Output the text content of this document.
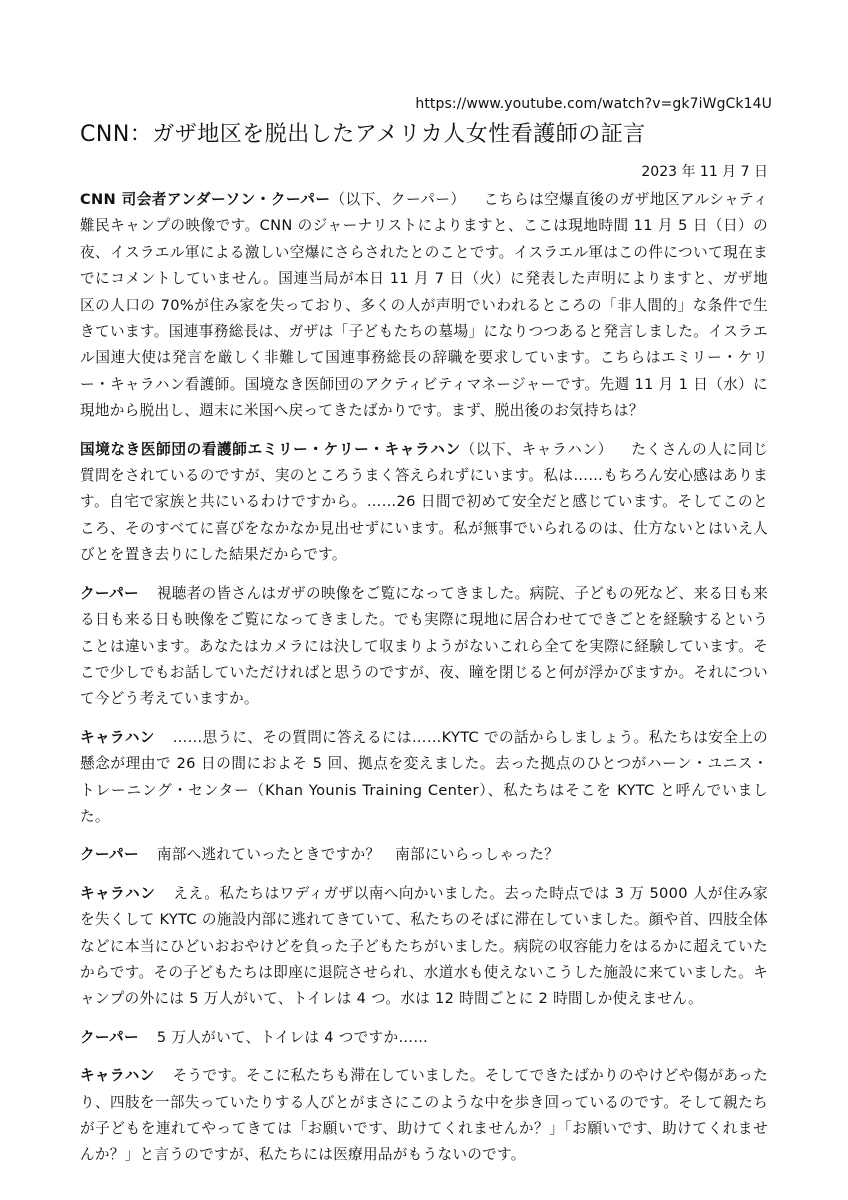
https://www.youtube.com/watch?v=gk7iWgCk14U
CNN：ガザ地区を脱出したアメリカ人女性看護師の証言
2023 年 11 月 7 日

CNN 司会者アンダーソン・クーパー（以下、クーパー） こちらは空爆直後のガザ地区アルシャティ難民キャンプの映像です。CNN のジャーナリストによりますと、ここは現地時間 11 月 5 日（日）の夜、イスラエル軍による激しい空爆にさらされたとのことです。イスラエル軍はこの件について現在までにコメントしていません。国連当局が本日 11 月 7 日（火）に発表した声明によりますと、ガザ地区の人口の 70%が住み家を失っており、多くの人が声明でいわれるところの「非人間的」な条件で生きています。国連事務総長は、ガザは「子どもたちの墓場」になりつつあると発言しました。イスラエル国連大使は発言を厳しく非難して国連事務総長の辞職を要求しています。こちらはエミリー・ケリー・キャラハン看護師。国境なき医師団のアクティビティマネージャーです。先週 11 月 1 日（水）に現地から脱出し、週末に米国へ戻ってきたばかりです。まず、脱出後のお気持ちは？

国境なき医師団の看護師エミリー・ケリー・キャラハン（以下、キャラハン） たくさんの人に同じ質問をされているのですが、実のところうまく答えられずにいます。私は……もちろん安心感はあります。自宅で家族と共にいるわけですから。……26 日間で初めて安全だと感じています。そしてこのところ、そのすべてに喜びをなかなか見出せずにいます。私が無事でいられるのは、仕方ないとはいえ人びとを置き去りにした結果だからです。

クーパー 視聴者の皆さんはガザの映像をご覧になってきました。病院、子どもの死など、来る日も来る日も来る日も映像をご覧になってきました。でも実際に現地に居合わせてできごとを経験するということは違います。あなたはカメラには決して収まりようがないこれら全てを実際に経験しています。そこで少しでもお話していただければと思うのですが、夜、瞳を閉じると何が浮かびますか。それについて今どう考えていますか。

キャラハン ……思うに、その質問に答えるには……KYTC での話からしましょう。私たちは安全上の懸念が理由で 26 日の間におよそ 5 回、拠点を変えました。去った拠点のひとつがハーン・ユニス・トレーニング・センター（Khan Younis Training Center）、私たちはそこを KYTC と呼んでいました。

クーパー 南部へ逃れていったときですか？　南部にいらっしゃった？

キャラハン ええ。私たちはワディガザ以南へ向かいました。去った時点では 3 万 5000 人が住み家を失くして KYTC の施設内部に逃れてきていて、私たちのそばに滞在していました。顔や首、四肢全体などに本当にひどいおおやけどを負った子どもたちがいました。病院の収容能力をはるかに超えていたからです。その子どもたちは即座に退院させられ、水道水も使えないこうした施設に来ていました。キャンプの外には 5 万人がいて、トイレは 4 つ。水は 12 時間ごとに 2 時間しか使えません。

クーパー 5 万人がいて、トイレは 4 つですか……

キャラハン そうです。そこに私たちも滞在していました。そしてできたばかりのやけどや傷があったり、四肢を一部失っていたりする人びとがまさにこのような中を歩き回っているのです。そして親たちが子どもを連れてやってきては「お願いです、助けてくれませんか？」「お願いです、助けてくれませんか？」と言うのですが、私たちには医療用品がもうないのです。
